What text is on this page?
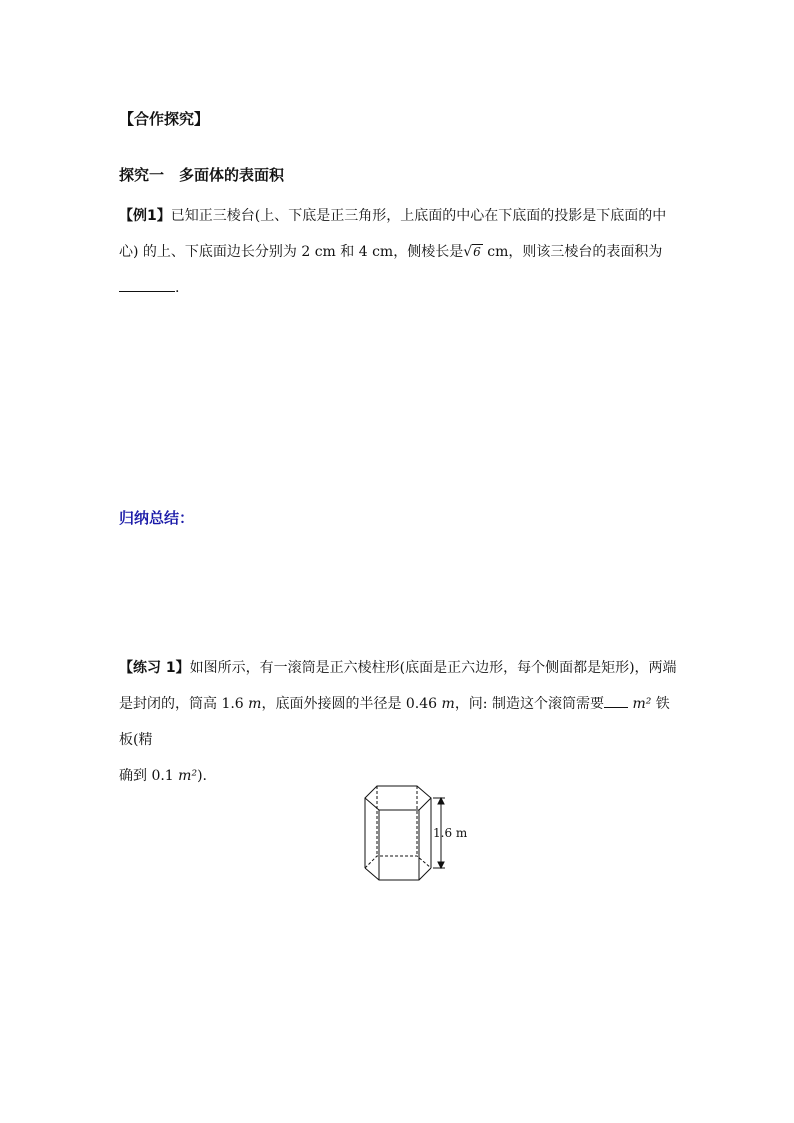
【合作探究】
探究一　多面体的表面积
【例1】已知正三棱台(上、下底是正三角形，上底面的中心在下底面的投影是下底面的中
心) 的上、下底面边长分别为 2 cm 和 4 cm，侧棱长是√6 cm，则该三棱台的表面积为
.
归纳总结：
【练习 1】如图所示，有一滚筒是正六棱柱形(底面是正六边形，每个侧面都是矩形)，两端
是封闭的，筒高 1.6 m，底面外接圆的半径是 0.46 m，问: 制造这个滚筒需要 m² 铁板(精
确到 0.1 m²).
1.6 m
